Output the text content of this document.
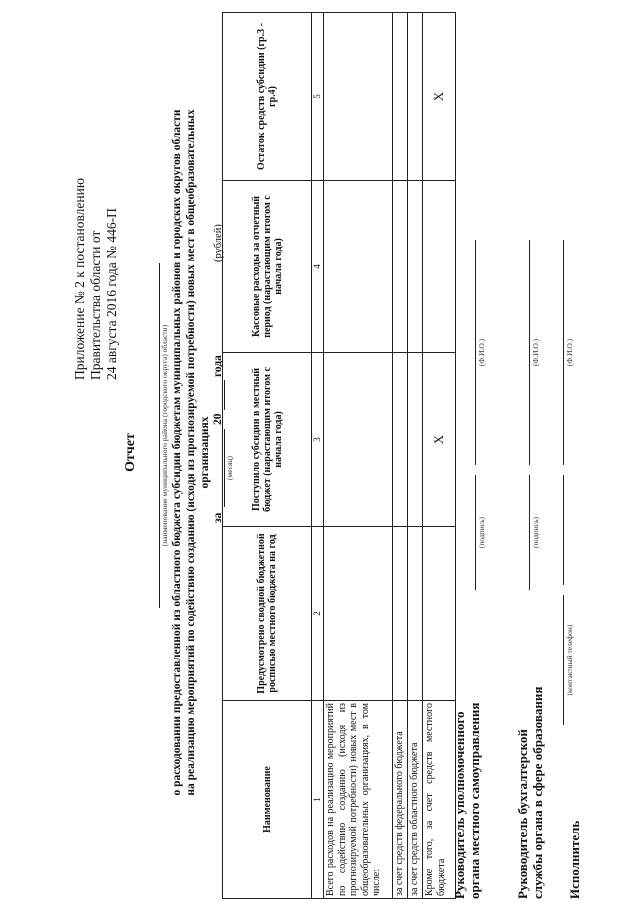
Приложение № 2 к постановлению Правительства области от 24 августа 2016 года № 446-П
Отчет	(наименование муниципального района (городского округа) области) о расходовании предоставленной из областного бюджета субсидии бюджетам муниципальных районов и городских округов области на реализацию мероприятий по содействию созданию (исходя из прогнозируемой потребности) новых мест в общеобразовательных организациях
за
(месяц)
20
года
(рублей)
Наименование	Предусмотрено сводной бюджетной росписью местного бюджета на год	Поступило субсидии в местный бюджет (нарастающим итогом с начала года)	Кассовые расходы за отчетный период (нарастающим итогом с начала года)	Остаток средств субсидии (гр.3 - гр.4)
1	2	3	4	5
Всего расходов на реализацию мероприятий по содействию созданию (исходя из прогнозируемой потребности) новых мест в общеобразовательных организациях, в том числе:				
за счет средств федерального бюджета				
за счет средств областного бюджета				
Кроме того, за счет средств местного бюджета		X		X
Руководитель уполномоченного органа местного самоуправления
(подпись)
(Ф.И.О.)
Руководитель бухгалтерской службы органа в сфере образования
(подпись)
(Ф.И.О.)
Исполнитель
(контактный телефон)
(Ф.И.О.)
